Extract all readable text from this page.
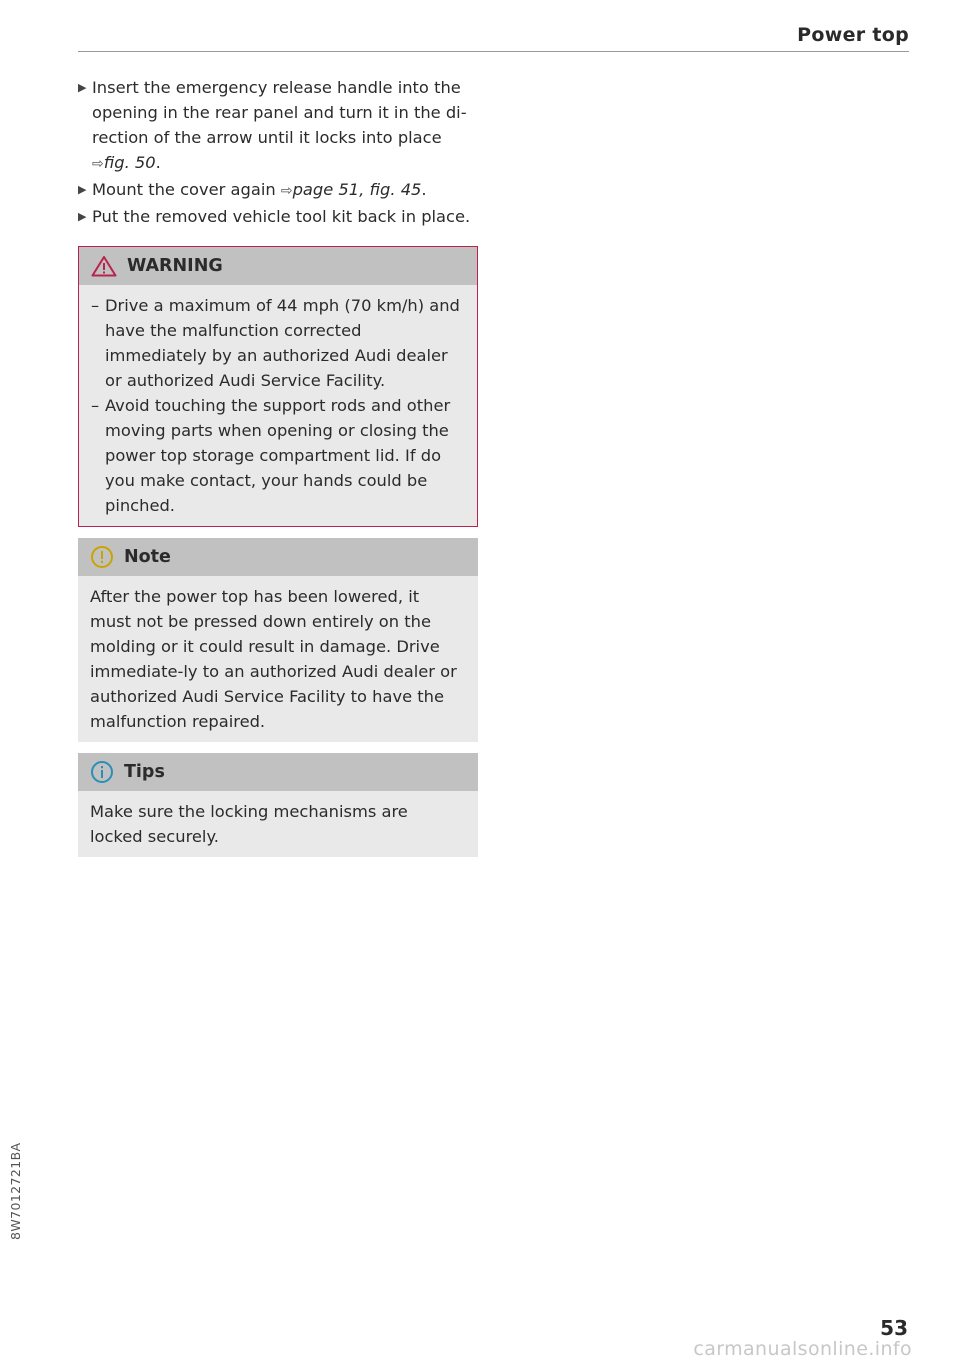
Power top
▶ Insert the emergency release handle into the opening in the rear panel and turn it in the di-rection of the arrow until it locks into place ⇨fig. 50.
▶ Mount the cover again ⇨page 51, fig. 45.
▶ Put the removed vehicle tool kit back in place.
WARNING
– Drive a maximum of 44 mph (70 km/h) and have the malfunction corrected immediately by an authorized Audi dealer or authorized Audi Service Facility.
– Avoid touching the support rods and other moving parts when opening or closing the power top storage compartment lid. If do you make contact, your hands could be pinched.
Note
After the power top has been lowered, it must not be pressed down entirely on the molding or it could result in damage. Drive immediate-ly to an authorized Audi dealer or authorized Audi Service Facility to have the malfunction repaired.
Tips
Make sure the locking mechanisms are locked securely.
8W7012721BA
53
carmanualsonline.info
